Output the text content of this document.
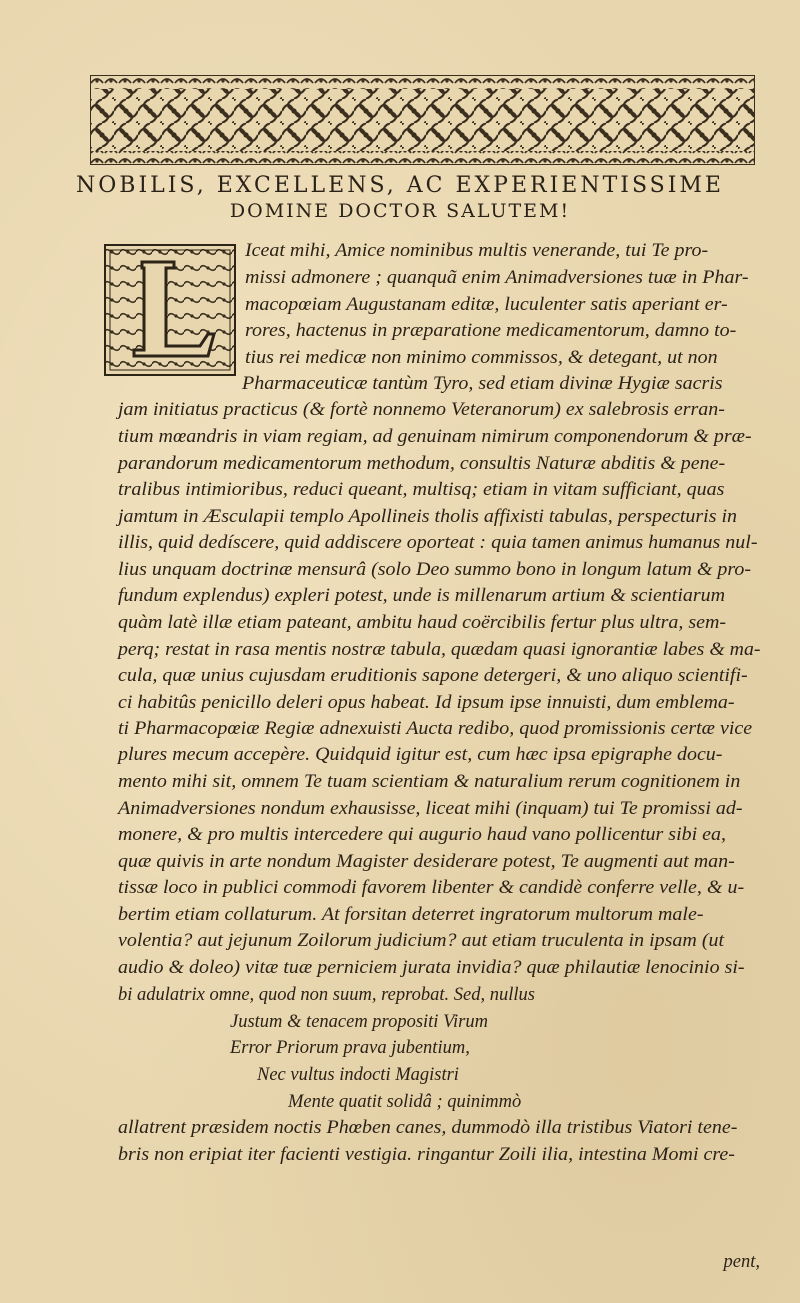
NOBILIS, EXCELLENS, AC EXPERIENTISSIME
DOMINE DOCTOR SALUTEM!
Iceat mihi, Amice nominibus multis venerande, tui Te pro-
missi admonere ; quanquã enim Animadversiones tuæ in Phar-
macopœiam Augustanam editæ, luculenter satis aperiant er-
rores, hactenus in præparatione medicamentorum, damno to-
tius rei medicæ non minimo commissos, & detegant, ut non
Pharmaceuticæ tantùm Tyro, sed etiam divinæ Hygiæ sacris
jam initiatus practicus (& fortè nonnemo Veteranorum) ex salebrosis erran-
tium mœandris in viam regiam, ad genuinam nimirum componendorum & præ-
parandorum medicamentorum methodum, consultis Naturæ abditis & pene-
tralibus intimioribus, reduci queant, multisq; etiam in vitam sufficiant, quas
jamtum in Æsculapii templo Apollineis tholis affixisti tabulas, perspecturis in
illis, quid dedíscere, quid addiscere oporteat : quia tamen animus humanus nul-
lius unquam doctrinæ mensurâ (solo Deo summo bono in longum latum & pro-
fundum explendus) expleri potest, unde is millenarum artium & scientiarum
quàm latè illæ etiam pateant, ambitu haud coërcibilis fertur plus ultra, sem-
perq; restat in rasa mentis nostræ tabula, quædam quasi ignorantiæ labes & ma-
cula, quæ unius cujusdam eruditionis sapone detergeri, & uno aliquo scientifi-
ci habitûs penicillo deleri opus habeat. Id ipsum ipse innuisti, dum emblema-
ti Pharmacopœiæ Regiæ adnexuisti Aucta redibo, quod promissionis certæ vice
plures mecum accepère. Quidquid igitur est, cum hæc ipsa epigraphe docu-
mento mihi sit, omnem Te tuam scientiam & naturalium rerum cognitionem in
Animadversiones nondum exhausisse, liceat mihi (inquam) tui Te promissi ad-
monere, & pro multis intercedere qui augurio haud vano pollicentur sibi ea,
quæ quivis in arte nondum Magister desiderare potest, Te augmenti aut man-
tissæ loco in publici commodi favorem libenter & candidè conferre velle, & u-
bertim etiam collaturum. At forsitan deterret ingratorum multorum male-
volentia? aut jejunum Zoilorum judicium? aut etiam truculenta in ipsam (ut
audio & doleo) vitæ tuæ perniciem jurata invidia? quæ philautiæ lenocinio si-
bi adulatrix omne, quod non suum, reprobat. Sed, nullus
Justum & tenacem propositi Virum
Error Priorum prava jubentium,
Nec vultus indocti Magistri
Mente quatit solidâ ; quinimmò
allatrent præsidem noctis Phœben canes, dummodò illa tristibus Viatori tene-
bris non eripiat iter facienti vestigia. ringantur Zoili ilia, intestina Momi cre-
pent,
